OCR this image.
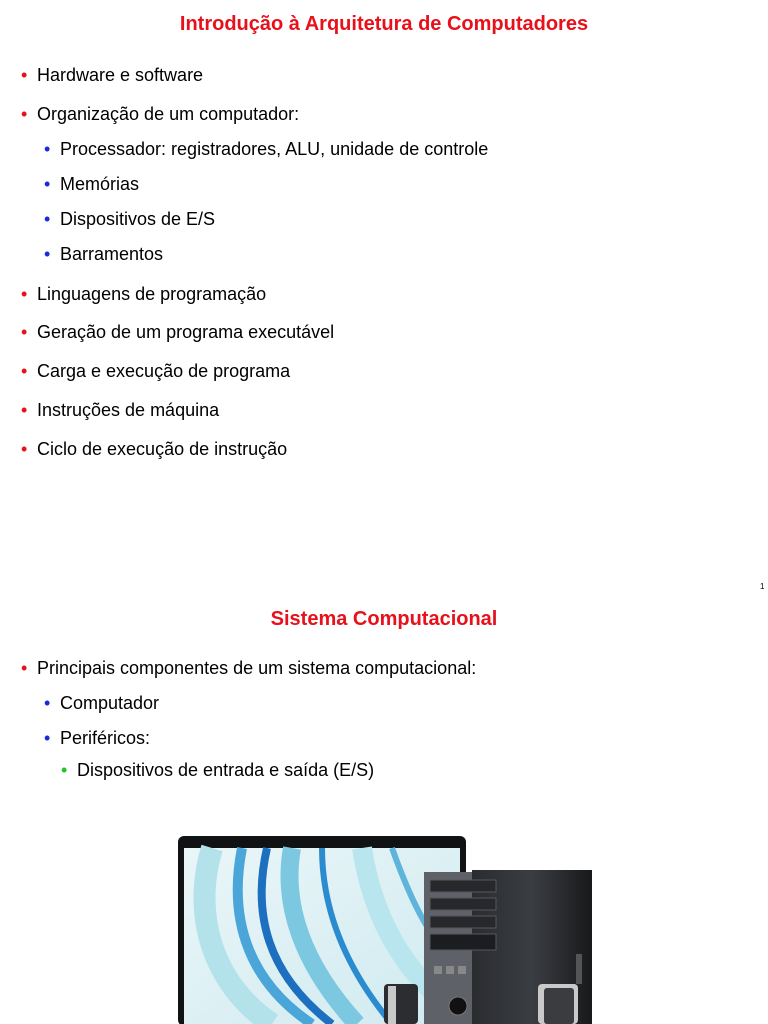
Introdução à Arquitetura de Computadores
• Hardware e software
• Organização de um computador:
• Processador: registradores, ALU, unidade de controle
• Memórias
• Dispositivos de E/S
• Barramentos
• Linguagens de programação
• Geração de um programa executável
• Carga e execução de programa
• Instruções de máquina
• Ciclo de execução de instrução
1
Sistema Computacional
• Principais componentes de um sistema computacional:
• Computador
• Periféricos:
• Dispositivos de entrada e saída (E/S)
